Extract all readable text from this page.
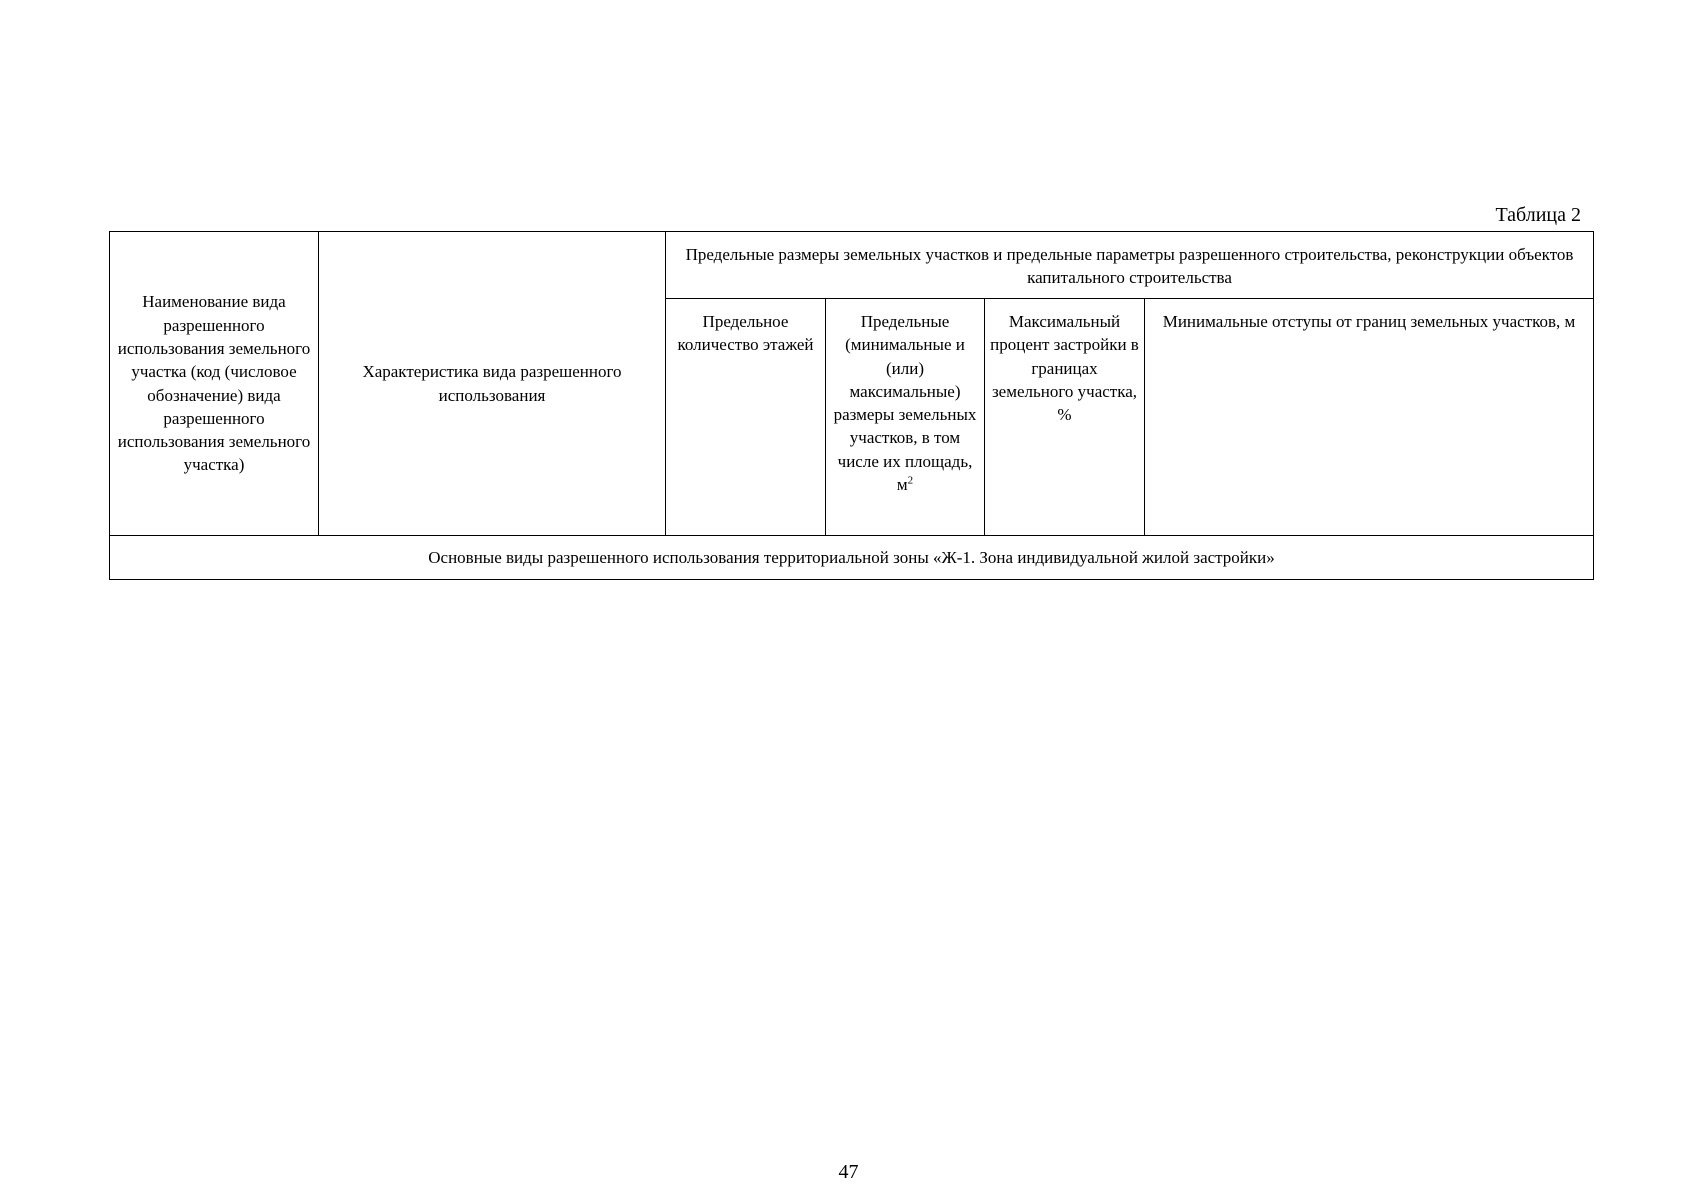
Таблица 2
Наименование вида разрешенного использования земельного участка (код (числовое обозначение) вида разрешенного использования земельного участка)	Характеристика вида разрешенного использования	Предельные размеры земельных участков и предельные параметры разрешенного строительства, реконструкции объектов капитального строительства			
		Предельное количество этажей	Предельные (минимальные и (или) максимальные) размеры земельных участков, в том числе их площадь, $м^2$	Максимальный процент застройки в границах земельного участка, %	Минимальные отступы от границ земельных участков, м
Основные виды разрешенного использования территориальной зоны «Ж-1. Зона индивидуальной жилой застройки»					
47
